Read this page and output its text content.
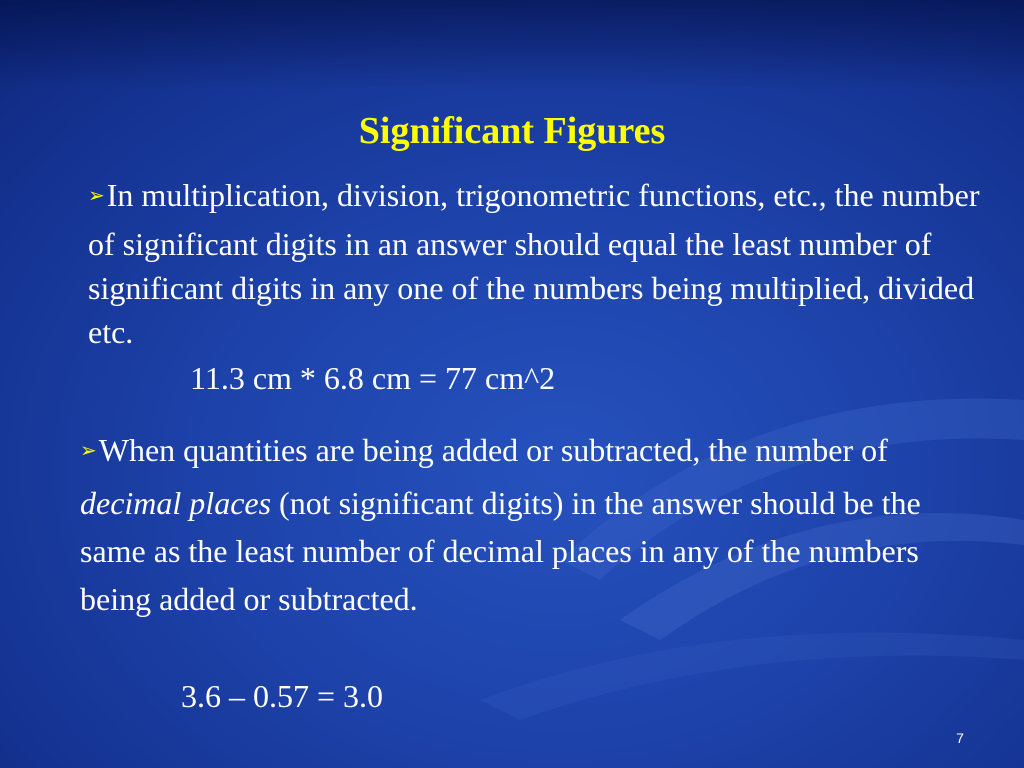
Significant Figures

➢In multiplication, division, trigonometric functions, etc., the number of significant digits in an answer should equal the least number of significant digits in any one of the numbers being multiplied, divided etc.

11.3 cm * 6.8 cm = 77 cm^2

➢When quantities are being added or subtracted, the number of decimal places (not significant digits) in the answer should be the same as the least number of decimal places in any of the numbers being added or subtracted.

3.6 – 0.57 = 3.0

7
